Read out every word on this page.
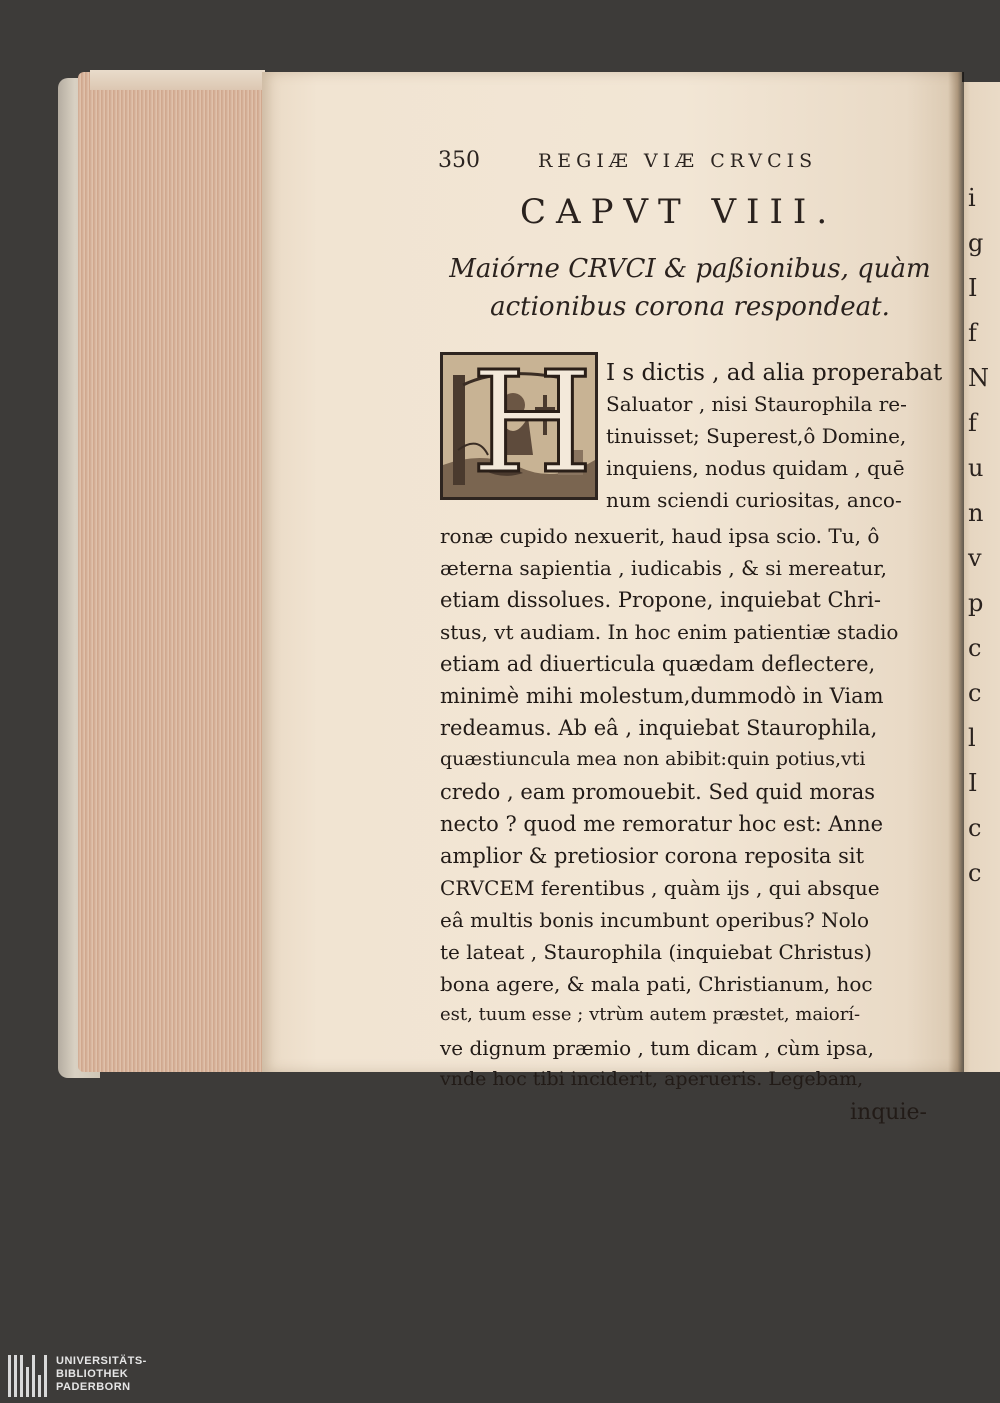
350	REGIÆ VIÆ CRVCIS
CAPVT VIII.
Maiórne CRVCI & paßionibus, quàm
actionibus corona respondeat.
H I s dictis , ad alia properabat
Saluator , nisi Staurophila re-
tinuisset; Superest,ô Domine,
inquiens, nodus quidam , quē
num sciendi curiositas, anco-
ronæ cupido nexuerit, haud ipsa scio. Tu, ô
æterna sapientia , iudicabis , & si mereatur,
etiam dissolues. Propone, inquiebat Chri-
stus, vt audiam. In hoc enim patientiæ stadio
etiam ad diuerticula quædam deflectere,
minimè mihi molestum,dummodò in Viam
redeamus. Ab eâ , inquiebat Staurophila,
quæstiuncula mea non abibit:quin potius,vti
credo , eam promouebit. Sed quid moras
necto ? quod me remoratur hoc est: Anne
amplior & pretiosior corona reposita sit
CRVCEM ferentibus , quàm ijs , qui absque
eâ multis bonis incumbunt operibus? Nolo
te lateat , Staurophila (inquiebat Christus)
bona agere, & mala pati, Christianum, hoc
est, tuum esse ; vtrùm autem præstet, maiorí-
ve dignum præmio , tum dicam , cùm ipsa,
vnde hoc tibi inciderit, aperueris. Legebam,
inquie-
i
g
I
f
N
f
u
n
v
p
c
c
l
I
c
c
UNIVERSITÄTS-
BIBLIOTHEK
PADERBORN
